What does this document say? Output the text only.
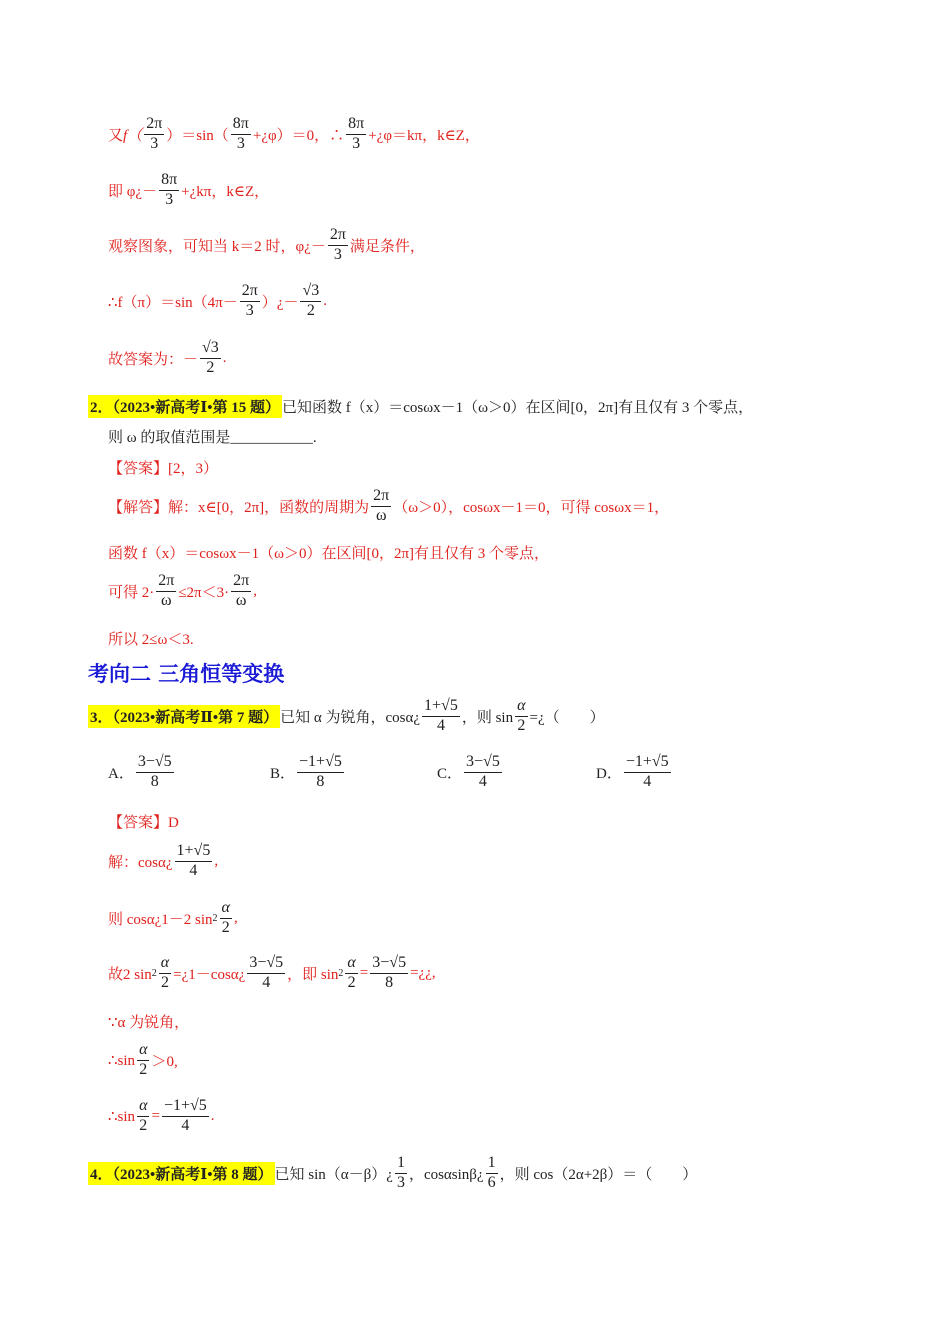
又 $f( \frac{2\pi}{3} )=\sin( \frac{8\pi}{3}$ +¿φ）＝0，∴ $\frac{8\pi}{3}$ +¿φ＝kπ，k∈Z，
即 φ¿－ $\frac{8\pi}{3}$ +¿kπ，k∈Z，
观察图象，可知当 k＝2 时，φ¿－ $\frac{2\pi}{3}$ 满足条件，
∴f（π）＝sin（4π－ $\frac{2\pi}{3}$ ）¿－ $\frac{√3}{2}$ .
故答案为：－ $\frac{√3}{2}$ .
2．（2023•新高考Ⅰ•第 15 题） 已知函数 f（x）＝cosωx－1（ω＞0）在区间[0，2π]有且仅有 3 个零点，
则 ω 的取值范围是___________.
【答案】[2，3）
【解答】解：x∈[0，2π]，函数的周期为 $\frac{2\pi}{\omega} (\omega>0)$，cosωx－1＝0，可得 cosωx＝1，
函数 f（x）＝cosωx－1（ω＞0）在区间[0，2π]有且仅有 3 个零点，
可得 $2\cdot \frac{2\pi}{\omega} \le 2\pi<3\cdot \frac{2\pi}{\omega}$ ,
所以 2≤ω＜3.
考向二 三角恒等变换
3．（2023•新高考Ⅱ•第 7 题） 已知 α 为锐角，cosα¿ $\frac{1+√5}{4}$ ，则 $\sin \frac{\alpha}{2}$ =¿（　　）
A． $\frac{3-√5}{8}$	B． $\frac{-1+√5}{8}$	C． $\frac{3-√5}{4}$	D． $\frac{-1+√5}{4}$
【答案】D
解：cosα¿ $\frac{1+√5}{4}$ ,
则 cosα¿1－2 $\sin 2 \frac{\alpha}{2}$ ,
故2 $\sin 2 \frac{\alpha}{2}$ =¿1－cosα¿ $\frac{3-√5}{4}$ ，即 $\sin 2 \frac{\alpha}{2} = \frac{3-√5}{8}$ =¿¿,
∵α 为锐角，
∴sin $\frac{\alpha}{2} >0$,
∴sin $\frac{\alpha}{2} = \frac{-1+√5}{4}$ .
4．（2023•新高考Ⅰ•第 8 题） 已知 sin（α－β）¿ $\frac{1}{3}$ ，cosαsinβ¿ $\frac{1}{6}$ ，则 cos（2α+2β）＝（　　）
